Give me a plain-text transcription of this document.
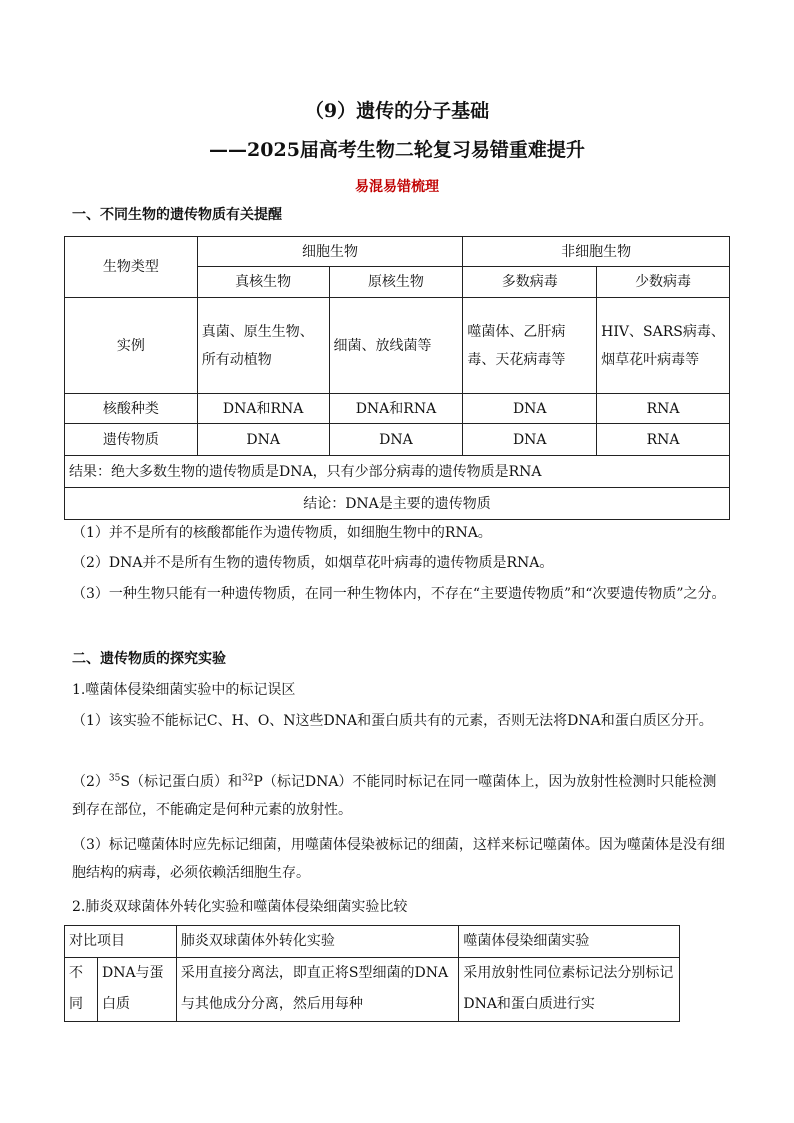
（9）遗传的分子基础
——2025届高考生物二轮复习易错重难提升
易混易错梳理
一、不同生物的遗传物质有关提醒
生物类型	细胞生物		非细胞生物	
	真核生物	原核生物	多数病毒	少数病毒
实例	真菌、原生生物、所有动植物	细菌、放线菌等	噬菌体、乙肝病毒、天花病毒等	HIV、SARS病毒、烟草花叶病毒等
核酸种类	DNA和RNA	DNA和RNA	DNA	RNA
遗传物质	DNA	DNA	DNA	RNA
结果：绝大多数生物的遗传物质是DNA，只有少部分病毒的遗传物质是RNA				
结论：DNA是主要的遗传物质				
（1）并不是所有的核酸都能作为遗传物质，如细胞生物中的RNA。
（2）DNA并不是所有生物的遗传物质，如烟草花叶病毒的遗传物质是RNA。
（3）一种生物只能有一种遗传物质，在同一种生物体内，不存在“主要遗传物质”和“次要遗传物质”之分。
二、遗传物质的探究实验
1.噬菌体侵染细菌实验中的标记误区
（1）该实验不能标记C、H、O、N这些DNA和蛋白质共有的元素，否则无法将DNA和蛋白质区分开。
$(2)^{35}S$（标记蛋白质）和$^{32}$P（标记DNA）不能同时标记在同一噬菌体上，因为放射性检测时只能检测到存在部位，不能确定是何种元素的放射性。
（3）标记噬菌体时应先标记细菌，用噬菌体侵染被标记的细菌，这样来标记噬菌体。因为噬菌体是没有细胞结构的病毒，必须依赖活细胞生存。
2.肺炎双球菌体外转化实验和噬菌体侵染细菌实验比较
对比项目		肺炎双球菌体外转化实验	噬菌体侵染细菌实验
不同	DNA与蛋白质	采用直接分离法，即直正将S型细菌的DNA与其他成分分离，然后用每种	采用放射性同位素标记法分别标记DNA和蛋白质进行实
